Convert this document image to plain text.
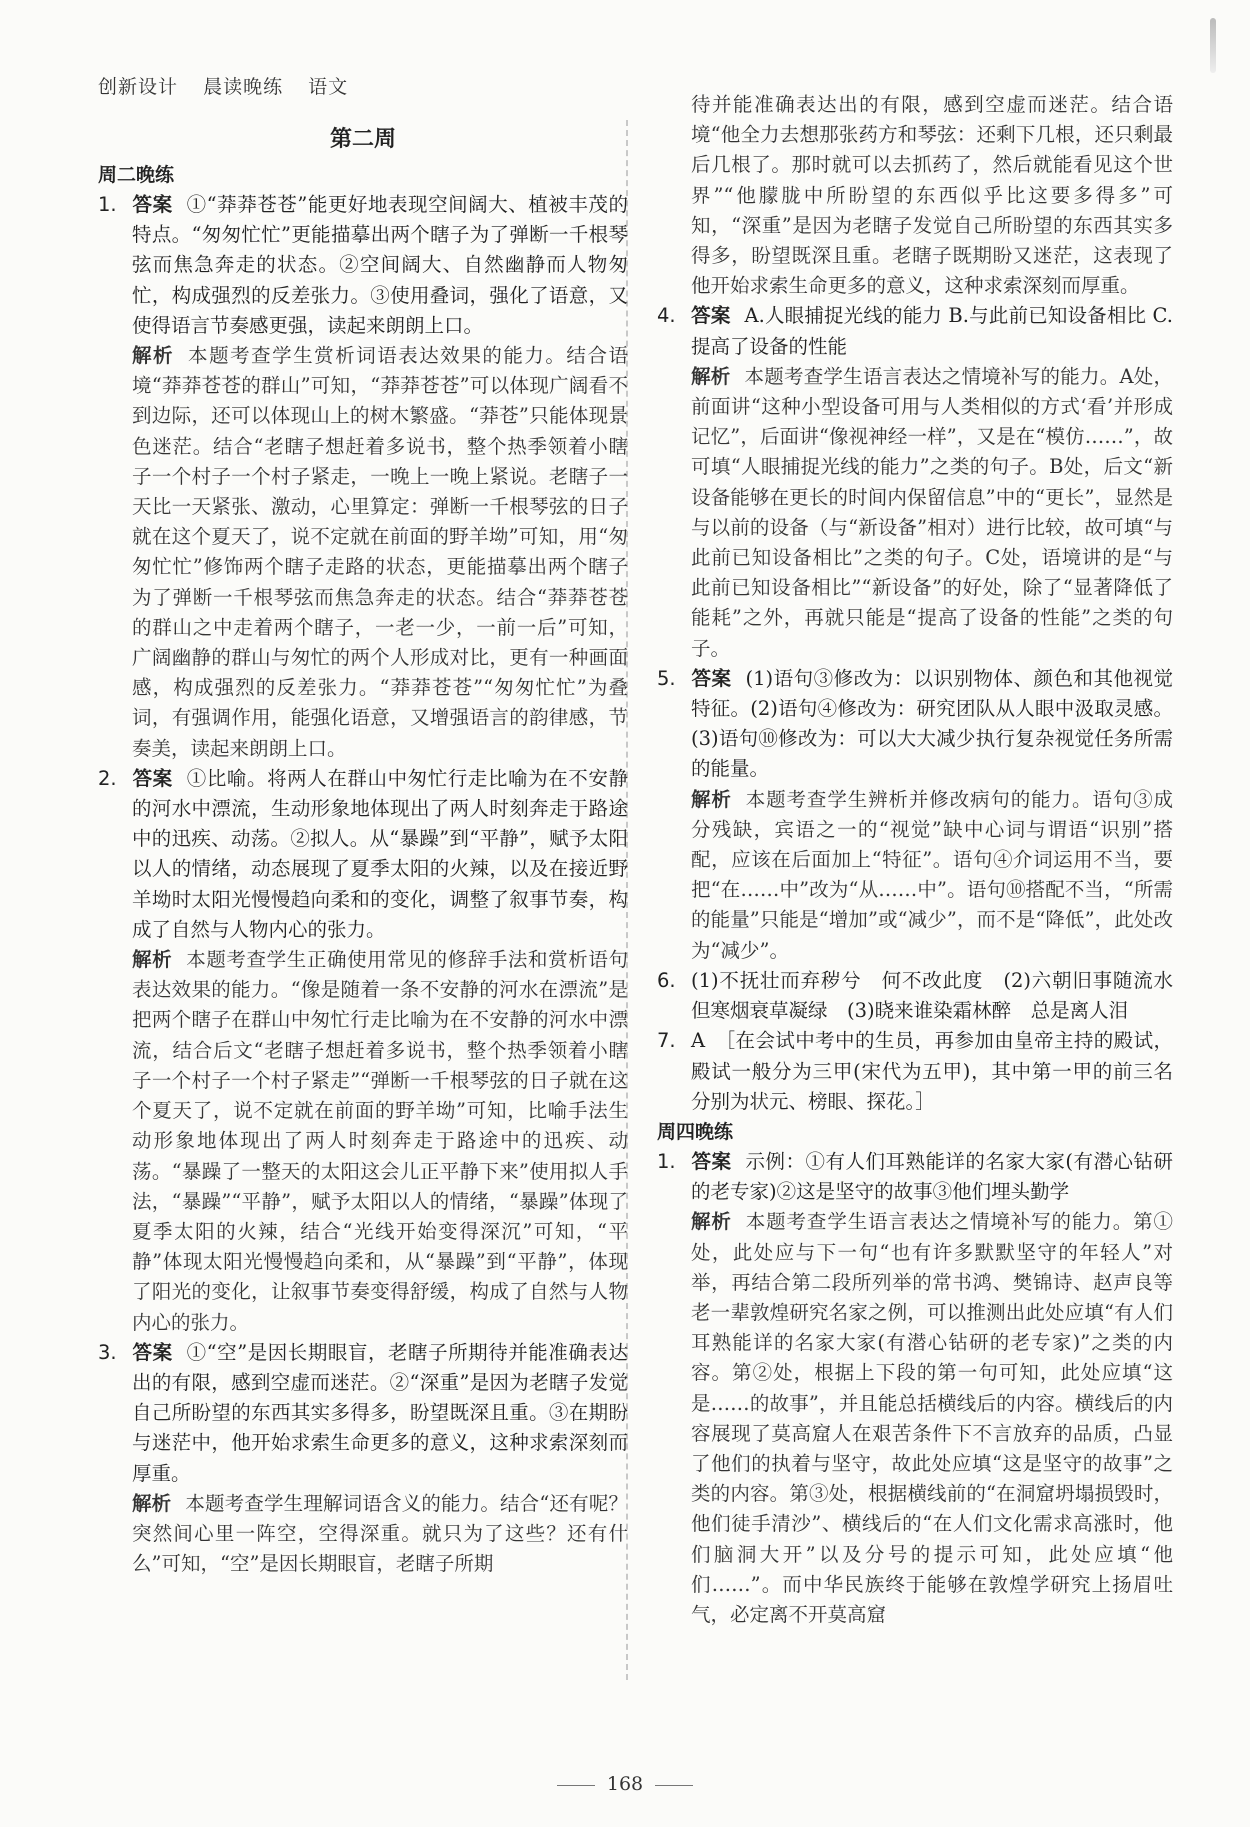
创新设计 晨读晚练 语文

第二周

周二晚练

1. 答案 ①“莽莽苍苍”能更好地表现空间阔大、植被丰茂的特点。“匆匆忙忙”更能描摹出两个瞎子为了弹断一千根琴弦而焦急奔走的状态。②空间阔大、自然幽静而人物匆忙，构成强烈的反差张力。③使用叠词，强化了语意，又使得语言节奏感更强，读起来朗朗上口。

解析 本题考查学生赏析词语表达效果的能力。结合语境“莽莽苍苍的群山”可知，“莽莽苍苍”可以体现广阔看不到边际，还可以体现山上的树木繁盛。“莽苍”只能体现景色迷茫。结合“老瞎子想赶着多说书，整个热季领着小瞎子一个村子一个村子紧走，一晚上一晚上紧说。老瞎子一天比一天紧张、激动，心里算定：弹断一千根琴弦的日子就在这个夏天了，说不定就在前面的野羊坳”可知，用“匆匆忙忙”修饰两个瞎子走路的状态，更能描摹出两个瞎子为了弹断一千根琴弦而焦急奔走的状态。结合“莽莽苍苍的群山之中走着两个瞎子，一老一少，一前一后”可知，广阔幽静的群山与匆忙的两个人形成对比，更有一种画面感，构成强烈的反差张力。“莽莽苍苍”“匆匆忙忙”为叠词，有强调作用，能强化语意，又增强语言的韵律感，节奏美，读起来朗朗上口。

2. 答案 ①比喻。将两人在群山中匆忙行走比喻为在不安静的河水中漂流，生动形象地体现出了两人时刻奔走于路途中的迅疾、动荡。②拟人。从“暴躁”到“平静”，赋予太阳以人的情绪，动态展现了夏季太阳的火辣，以及在接近野羊坳时太阳光慢慢趋向柔和的变化，调整了叙事节奏，构成了自然与人物内心的张力。

解析 本题考查学生正确使用常见的修辞手法和赏析语句表达效果的能力。“像是随着一条不安静的河水在漂流”是把两个瞎子在群山中匆忙行走比喻为在不安静的河水中漂流，结合后文“老瞎子想赶着多说书，整个热季领着小瞎子一个村子一个村子紧走”“弹断一千根琴弦的日子就在这个夏天了，说不定就在前面的野羊坳”可知，比喻手法生动形象地体现出了两人时刻奔走于路途中的迅疾、动荡。“暴躁了一整天的太阳这会儿正平静下来”使用拟人手法，“暴躁”“平静”，赋予太阳以人的情绪，“暴躁”体现了夏季太阳的火辣，结合“光线开始变得深沉”可知，“平静”体现太阳光慢慢趋向柔和，从“暴躁”到“平静”，体现了阳光的变化，让叙事节奏变得舒缓，构成了自然与人物内心的张力。

3. 答案 ①“空”是因长期眼盲，老瞎子所期待并能准确表达出的有限，感到空虚而迷茫。②“深重”是因为老瞎子发觉自己所盼望的东西其实多得多，盼望既深且重。③在期盼与迷茫中，他开始求索生命更多的意义，这种求索深刻而厚重。

解析 本题考查学生理解词语含义的能力。结合“还有呢？突然间心里一阵空，空得深重。就只为了这些？还有什么”可知，“空”是因长期眼盲，老瞎子所期

待并能准确表达出的有限，感到空虚而迷茫。结合语境“他全力去想那张药方和琴弦：还剩下几根，还只剩最后几根了。那时就可以去抓药了，然后就能看见这个世界”“他朦胧中所盼望的东西似乎比这要多得多”可知，“深重”是因为老瞎子发觉自己所盼望的东西其实多得多，盼望既深且重。老瞎子既期盼又迷茫，这表现了他开始求索生命更多的意义，这种求索深刻而厚重。

4. 答案 A.人眼捕捉光线的能力 B.与此前已知设备相比 C.提高了设备的性能

解析 本题考查学生语言表达之情境补写的能力。A处，前面讲“这种小型设备可用与人类相似的方式‘看’并形成记忆”，后面讲“像视神经一样”，又是在“模仿……”，故可填“人眼捕捉光线的能力”之类的句子。B处，后文“新设备能够在更长的时间内保留信息”中的“更长”，显然是与以前的设备（与“新设备”相对）进行比较，故可填“与此前已知设备相比”之类的句子。C处，语境讲的是“与此前已知设备相比”“新设备”的好处，除了“显著降低了能耗”之外，再就只能是“提高了设备的性能”之类的句子。

5. 答案 (1)语句③修改为：以识别物体、颜色和其他视觉特征。(2)语句④修改为：研究团队从人眼中汲取灵感。(3)语句⑩修改为：可以大大减少执行复杂视觉任务所需的能量。

解析 本题考查学生辨析并修改病句的能力。语句③成分残缺，宾语之一的“视觉”缺中心词与谓语“识别”搭配，应该在后面加上“特征”。语句④介词运用不当，要把“在……中”改为“从……中”。语句⑩搭配不当，“所需的能量”只能是“增加”或“减少”，而不是“降低”，此处改为“减少”。

6. (1)不抚壮而弃秽兮　何不改此度　(2)六朝旧事随流水　但寒烟衰草凝绿　(3)晓来谁染霜林醉　总是离人泪

7. A　［在会试中考中的生员，再参加由皇帝主持的殿试，殿试一般分为三甲(宋代为五甲)，其中第一甲的前三名分别为状元、榜眼、探花。］

周四晚练

1. 答案 示例：①有人们耳熟能详的名家大家(有潜心钻研的老专家)②这是坚守的故事③他们埋头勤学

解析 本题考查学生语言表达之情境补写的能力。第①处，此处应与下一句“也有许多默默坚守的年轻人”对举，再结合第二段所列举的常书鸿、樊锦诗、赵声良等老一辈敦煌研究名家之例，可以推测出此处应填“有人们耳熟能详的名家大家(有潜心钻研的老专家)”之类的内容。第②处，根据上下段的第一句可知，此处应填“这是……的故事”，并且能总括横线后的内容。横线后的内容展现了莫高窟人在艰苦条件下不言放弃的品质，凸显了他们的执着与坚守，故此处应填“这是坚守的故事”之类的内容。第③处，根据横线前的“在洞窟坍塌损毁时，他们徒手清沙”、横线后的“在人们文化需求高涨时，他们脑洞大开”以及分号的提示可知，此处应填“他们……”。而中华民族终于能够在敦煌学研究上扬眉吐气，必定离不开莫高窟

168
